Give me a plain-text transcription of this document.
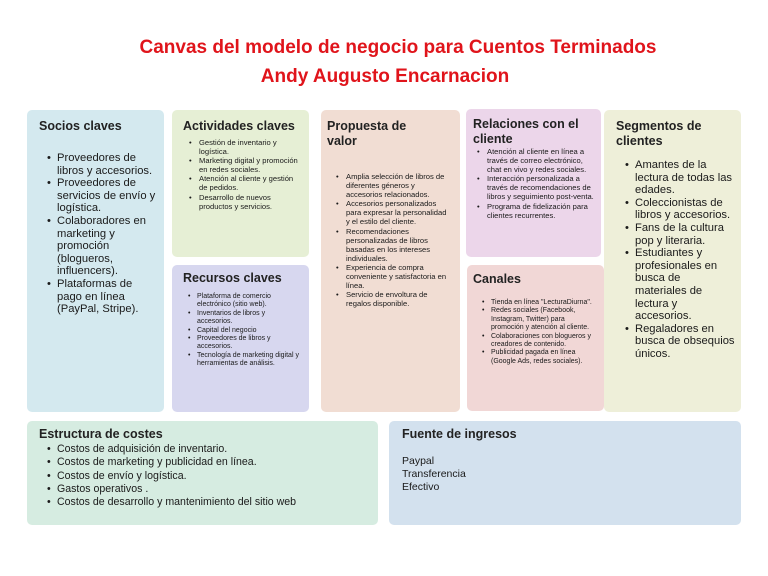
Canvas del modelo de negocio para Cuentos Terminados
Andy Augusto Encarnacion
Socios claves
• Proveedores de libros y accesorios.
• Proveedores de servicios de envío y logística.
• Colaboradores en marketing y promoción (blogueros, influencers).
• Plataformas de pago en línea (PayPal, Stripe).
Actividades claves
• Gestión de inventario y logística.
• Marketing digital y promoción en redes sociales.
• Atención al cliente y gestión de pedidos.
• Desarrollo de nuevos productos y servicios.
Recursos claves
• Plataforma de comercio electrónico (sitio web).
• Inventarios de libros y accesorios.
• Capital del negocio
• Proveedores de libros y accesorios.
• Tecnología de marketing digital y herramientas de análisis.
Propuesta de valor
• Amplia selección de libros de diferentes géneros y accesorios relacionados.
• Accesorios personalizados para expresar la personalidad y el estilo del cliente.
• Recomendaciones personalizadas de libros basadas en los intereses individuales.
• Experiencia de compra conveniente y satisfactoria en línea.
• Servicio de envoltura de regalos disponible.
Relaciones con el cliente
• Atención al cliente en línea a través de correo electrónico, chat en vivo y redes sociales.
• Interacción personalizada a través de recomendaciones de libros y seguimiento post-venta.
• Programa de fidelización para clientes recurrentes.
Canales
• Tienda en línea "LecturaDiurna".
• Redes sociales (Facebook, Instagram, Twitter) para promoción y atención al cliente.
• Colaboraciones con blogueros y creadores de contenido.
• Publicidad pagada en línea (Google Ads, redes sociales).
Segmentos de clientes
• Amantes de la lectura de todas las edades.
• Coleccionistas de libros y accesorios.
• Fans de la cultura pop y literaria.
• Estudiantes y profesionales en busca de materiales de lectura y accesorios.
• Regaladores en busca de obsequios únicos.
Estructura de costes
• Costos de adquisición de inventario.
• Costos de marketing y publicidad en línea.
• Costos de envío y logística.
• Gastos operativos .
• Costos de desarrollo y mantenimiento del sitio web
Fuente de ingresos
Paypal
Transferencia
Efectivo
